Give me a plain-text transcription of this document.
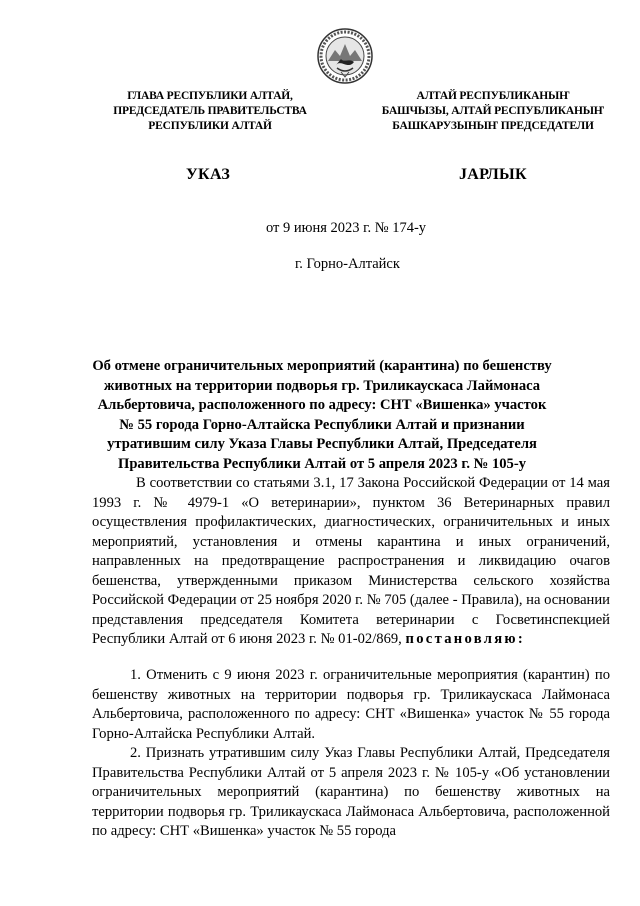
ГЛАВА РЕСПУБЛИКИ АЛТАЙ,
ПРЕДСЕДАТЕЛЬ ПРАВИТЕЛЬСТВА
РЕСПУБЛИКИ АЛТАЙ
АЛТАЙ РЕСПУБЛИКАНЫҤ
БАШЧЫЗЫ, АЛТАЙ РЕСПУБЛИКАНЫҤ
БАШКАРУЗЫНЫҤ ПРЕДСЕДАТЕЛИ
УКАЗ	JАРЛЫК
от 9 июня 2023 г. № 174-у
г. Горно-Алтайск
Об отмене ограничительных мероприятий (карантина) по бешенству животных на территории подворья гр. Триликаускаса Лаймонаса Альбертовича, расположенного по адресу: СНТ «Вишенка» участок № 55 города Горно-Алтайска Республики Алтай и признании утратившим силу Указа Главы Республики Алтай, Председателя Правительства Республики Алтай от 5 апреля 2023 г. № 105-у
В соответствии со статьями 3.1, 17 Закона Российской Федерации от 14 мая 1993 г. № 4979-1 «О ветеринарии», пунктом 36 Ветеринарных правил осуществления профилактических, диагностических, ограничительных и иных мероприятий, установления и отмены карантина и иных ограничений, направленных на предотвращение распространения и ликвидацию очагов бешенства, утвержденными приказом Министерства сельского хозяйства Российской Федерации от 25 ноября 2020 г. № 705 (далее - Правила), на основании представления председателя Комитета ветеринарии с Госветинспекцией Республики Алтай от 6 июня 2023 г. № 01-02/869, постановляю:
1. Отменить с 9 июня 2023 г. ограничительные мероприятия (карантин) по бешенству животных на территории подворья гр. Триликаускаса Лаймонаса Альбертовича, расположенного по адресу: СНТ «Вишенка» участок № 55 города Горно-Алтайска Республики Алтай.
2. Признать утратившим силу Указ Главы Республики Алтай, Председателя Правительства Республики Алтай от 5 апреля 2023 г. № 105-у «Об установлении ограничительных мероприятий (карантина) по бешенству животных на территории подворья гр. Триликаускаса Лаймонаса Альбертовича, расположенной по адресу: СНТ «Вишенка» участок № 55 города
